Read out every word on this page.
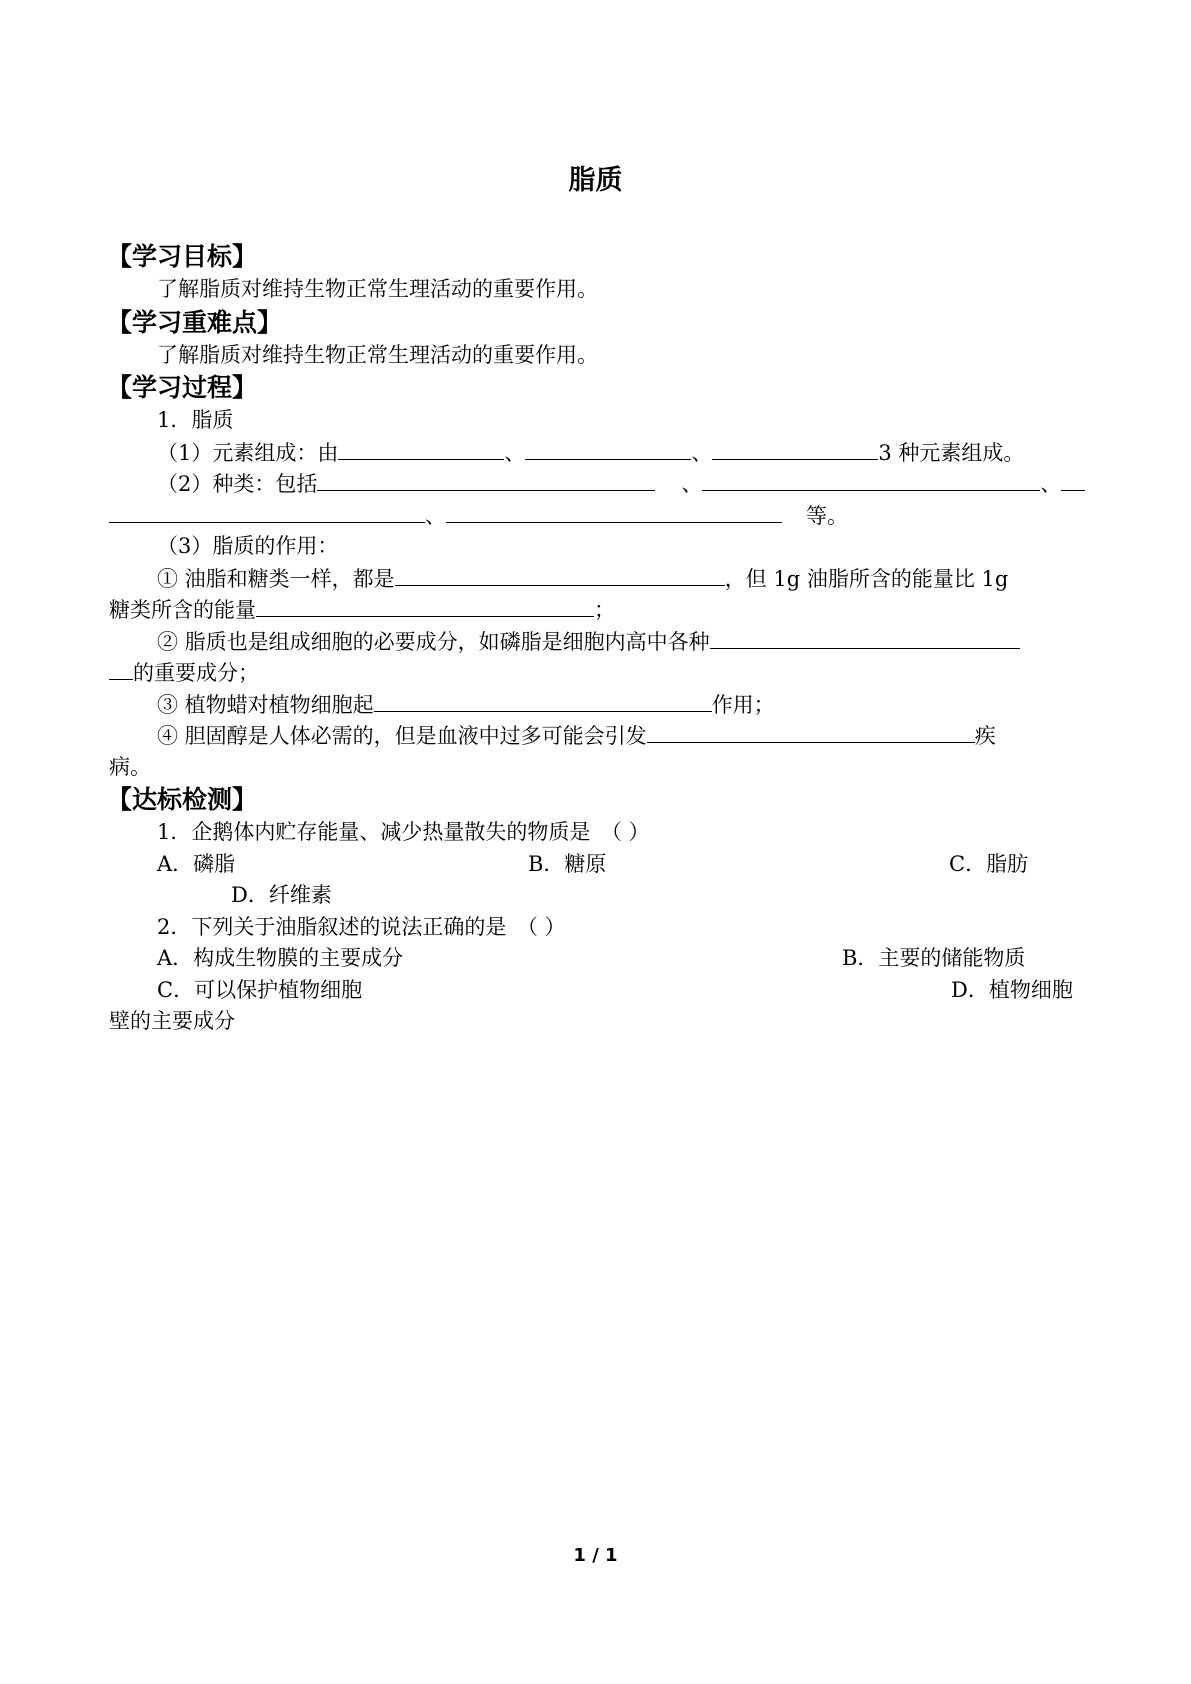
脂质
【学习目标】
了解脂质对维持生物正常生理活动的重要作用。
【学习重难点】
了解脂质对维持生物正常生理活动的重要作用。
【学习过程】
1．脂质
（1）元素组成：由	、	、	3 种元素组成。
（2）种类：包括	、	、
、	等。
（3）脂质的作用：
① 油脂和糖类一样，都是	，但 1g 油脂所含的能量比 1g
糖类所含的能量	；
② 脂质也是组成细胞的必要成分，如磷脂是细胞内高中各种
的重要成分；
③ 植物蜡对植物细胞起	作用；
④ 胆固醇是人体必需的，但是血液中过多可能会引发	疾
病。
【达标检测】
1．企鹅体内贮存能量、减少热量散失的物质是　（ ）
A．磷脂	B．糖原	C．脂肪
D．纤维素
2．下列关于油脂叙述的说法正确的是　（ ）
A．构成生物膜的主要成分	B．主要的储能物质
C．可以保护植物细胞	D．植物细胞
壁的主要成分
1 / 1
